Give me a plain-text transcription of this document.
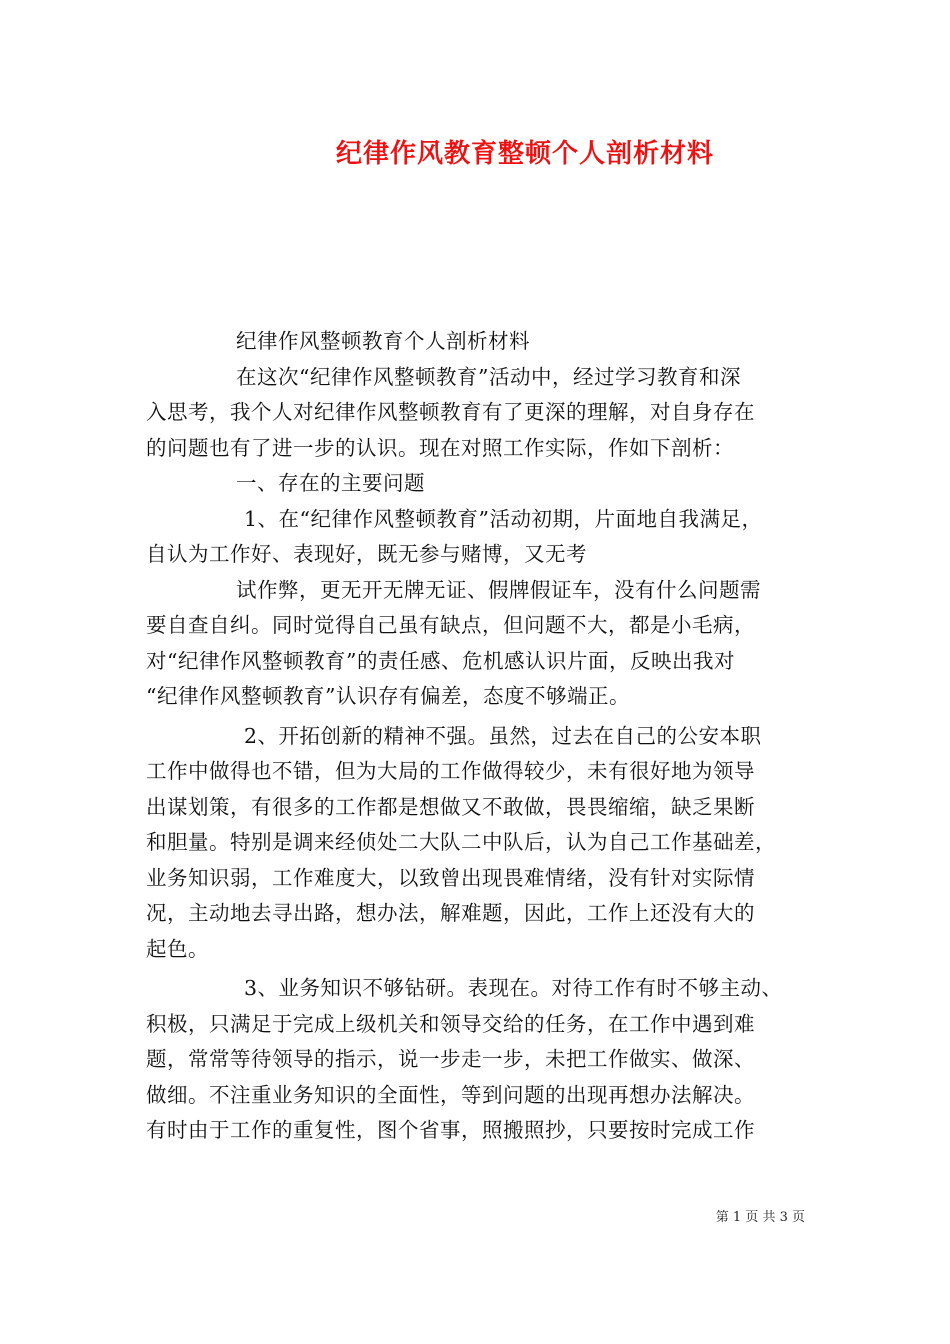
纪律作风教育整顿个人剖析材料
纪律作风整顿教育个人剖析材料
在这次“纪律作风整顿教育”活动中，经过学习教育和深
入思考，我个人对纪律作风整顿教育有了更深的理解，对自身存在
的问题也有了进一步的认识。现在对照工作实际，作如下剖析：
一、存在的主要问题
1、在“纪律作风整顿教育”活动初期，片面地自我满足，
自认为工作好、表现好，既无参与赌博，又无考
试作弊，更无开无牌无证、假牌假证车，没有什么问题需
要自查自纠。同时觉得自己虽有缺点，但问题不大，都是小毛病，
对“纪律作风整顿教育”的责任感、危机感认识片面，反映出我对
“纪律作风整顿教育”认识存有偏差，态度不够端正。
2、开拓创新的精神不强。虽然，过去在自己的公安本职
工作中做得也不错，但为大局的工作做得较少，未有很好地为领导
出谋划策，有很多的工作都是想做又不敢做，畏畏缩缩，缺乏果断
和胆量。特别是调来经侦处二大队二中队后，认为自己工作基础差，
业务知识弱，工作难度大，以致曾出现畏难情绪，没有针对实际情
况，主动地去寻出路，想办法，解难题，因此，工作上还没有大的
起色。
3、业务知识不够钻研。表现在。对待工作有时不够主动、
积极，只满足于完成上级机关和领导交给的任务，在工作中遇到难
题，常常等待领导的指示，说一步走一步，未把工作做实、做深、
做细。不注重业务知识的全面性，等到问题的出现再想办法解决。
有时由于工作的重复性，图个省事，照搬照抄，只要按时完成工作
第 1 页 共 3 页
